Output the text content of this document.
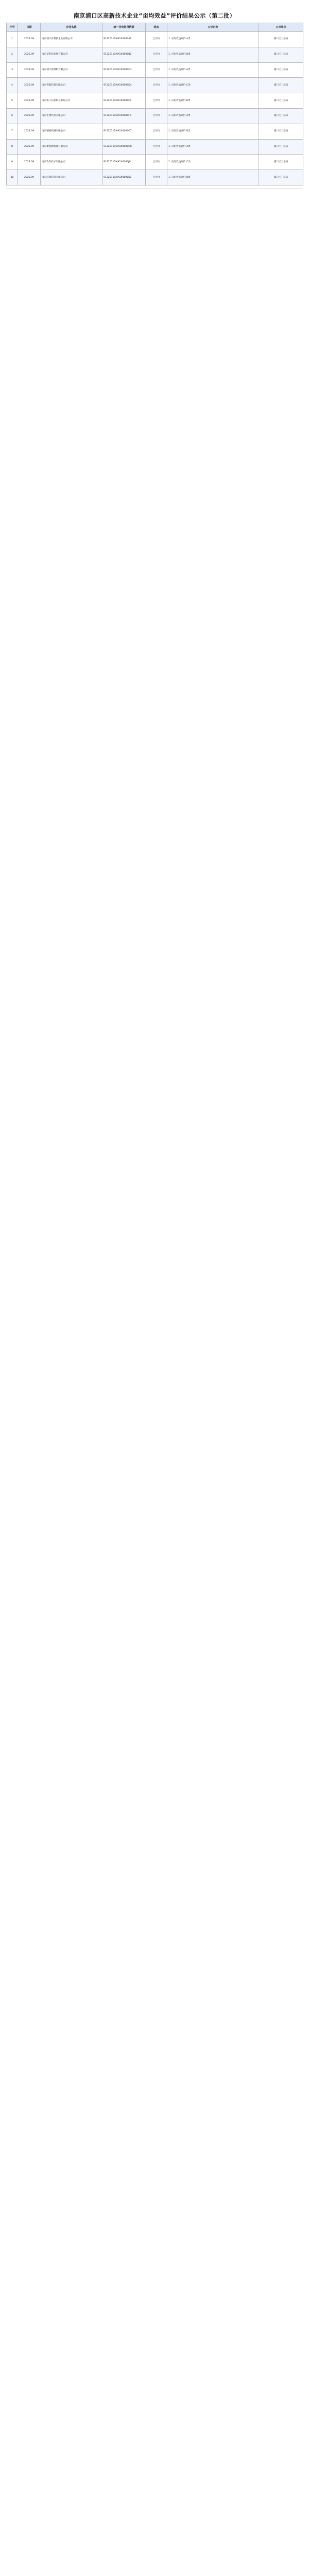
南京浦口区高新技术企业“亩均效益”评价结果公示（第二批）
序号	日期	企业名称	统一社会信用代码	状态	公示内容	公示单位
1	2023.09	南京浦口区科技企业有限公司	91320111MA1X0000A1	已评价	1. 亩均效益评价 A类	浦口区工信局
2	2023.09	南京某科技发展有限公司	91320111MA1X0000B2	已评价	1. 亩均效益评价 B类	浦口区工信局
3	2023.09	南京浦口新材料有限公司	91320111MA1X0000C3	已评价	1. 亩均效益评价 A类	浦口区工信局
4	2023.09	南京智能装备有限公司	91320111MA1X0000D4	已评价	1. 亩均效益评价 C类	浦口区工信局
5	2023.09	南京电子信息科技有限公司	91320111MA1X0000E5	已评价	1. 亩均效益评价 B类	浦口区工信局
6	2023.09	南京生物医药有限公司	91320111MA1X0000F6	已评价	1. 亩均效益评价 A类	浦口区工信局
7	2023.09	南京精密机械有限公司	91320111MA1X0000G7	已评价	1. 亩均效益评价 B类	浦口区工信局
8	2023.09	南京新能源科技有限公司	91320111MA1X0000H8	已评价	1. 亩均效益评价 A类	浦口区工信局
9	2023.09	南京软件技术有限公司	91320111MA1X0000J9	已评价	1. 亩均效益评价 C类	浦口区工信局
10	2023.09	南京环保科技有限公司	91320111MA1X0000K0	已评价	1. 亩均效益评价 B类	浦口区工信局
